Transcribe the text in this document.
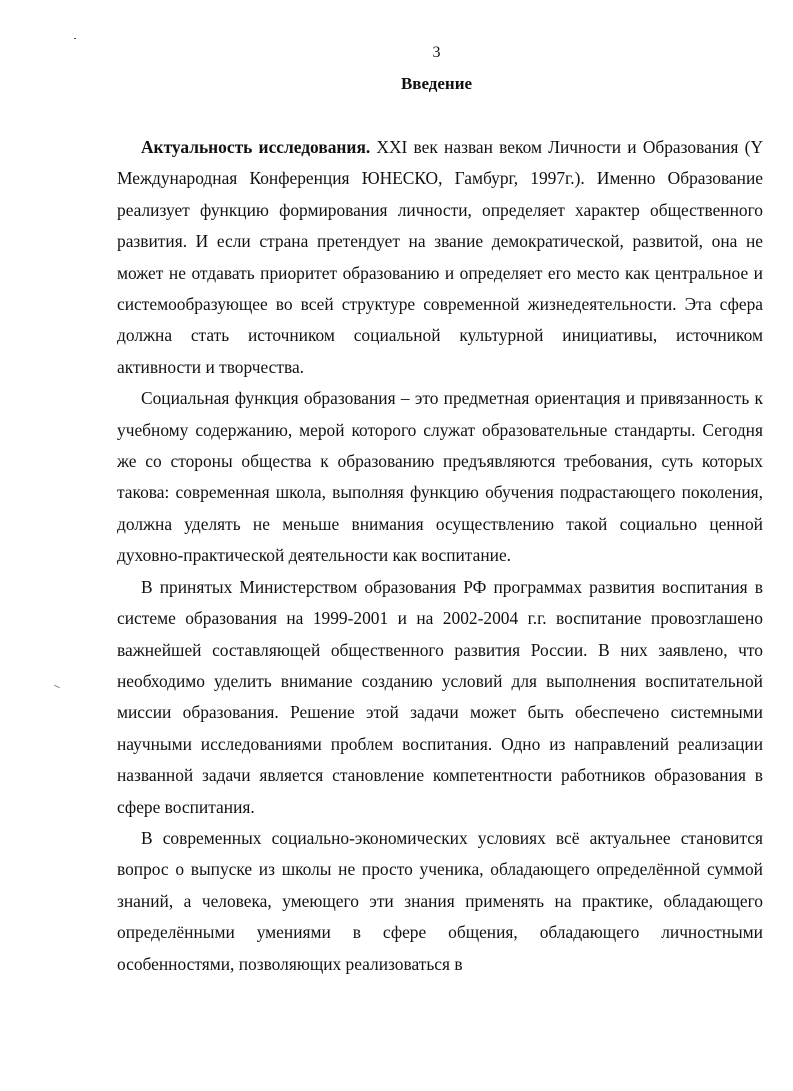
3
Введение

Актуальность исследования. XXI век назван веком Личности и Образования (Y Международная Конференция ЮНЕСКО, Гамбург, 1997г.). Именно Образование реализует функцию формирования личности, определяет характер общественного развития. И если страна претендует на звание демократической, развитой, она не может не отдавать приоритет образованию и определяет его место как центральное и системообразующее во всей структуре современной жизнедеятельности. Эта сфера должна стать источником социальной культурной инициативы, источником активности и творчества.

Социальная функция образования – это предметная ориентация и привязанность к учебному содержанию, мерой которого служат образовательные стандарты. Сегодня же со стороны общества к образованию предъявляются требования, суть которых такова: современная школа, выполняя функцию обучения подрастающего поколения, должна уделять не меньше внимания осуществлению такой социально ценной духовно-практической деятельности как воспитание.

В принятых Министерством образования РФ программах развития воспитания в системе образования на 1999-2001 и на 2002-2004 г.г. воспитание провозглашено важнейшей составляющей общественного развития России. В них заявлено, что необходимо уделить внимание созданию условий для выполнения воспитательной миссии образования. Решение этой задачи может быть обеспечено системными научными исследованиями проблем воспитания. Одно из направлений реализации названной задачи является становление компетентности работников образования в сфере воспитания.

В современных социально-экономических условиях всё актуальнее становится вопрос о выпуске из школы не просто ученика, обладающего определённой суммой знаний, а человека, умеющего эти знания применять на практике, обладающего определёнными умениями в сфере общения, обладающего личностными особенностями, позволяющих реализоваться в
